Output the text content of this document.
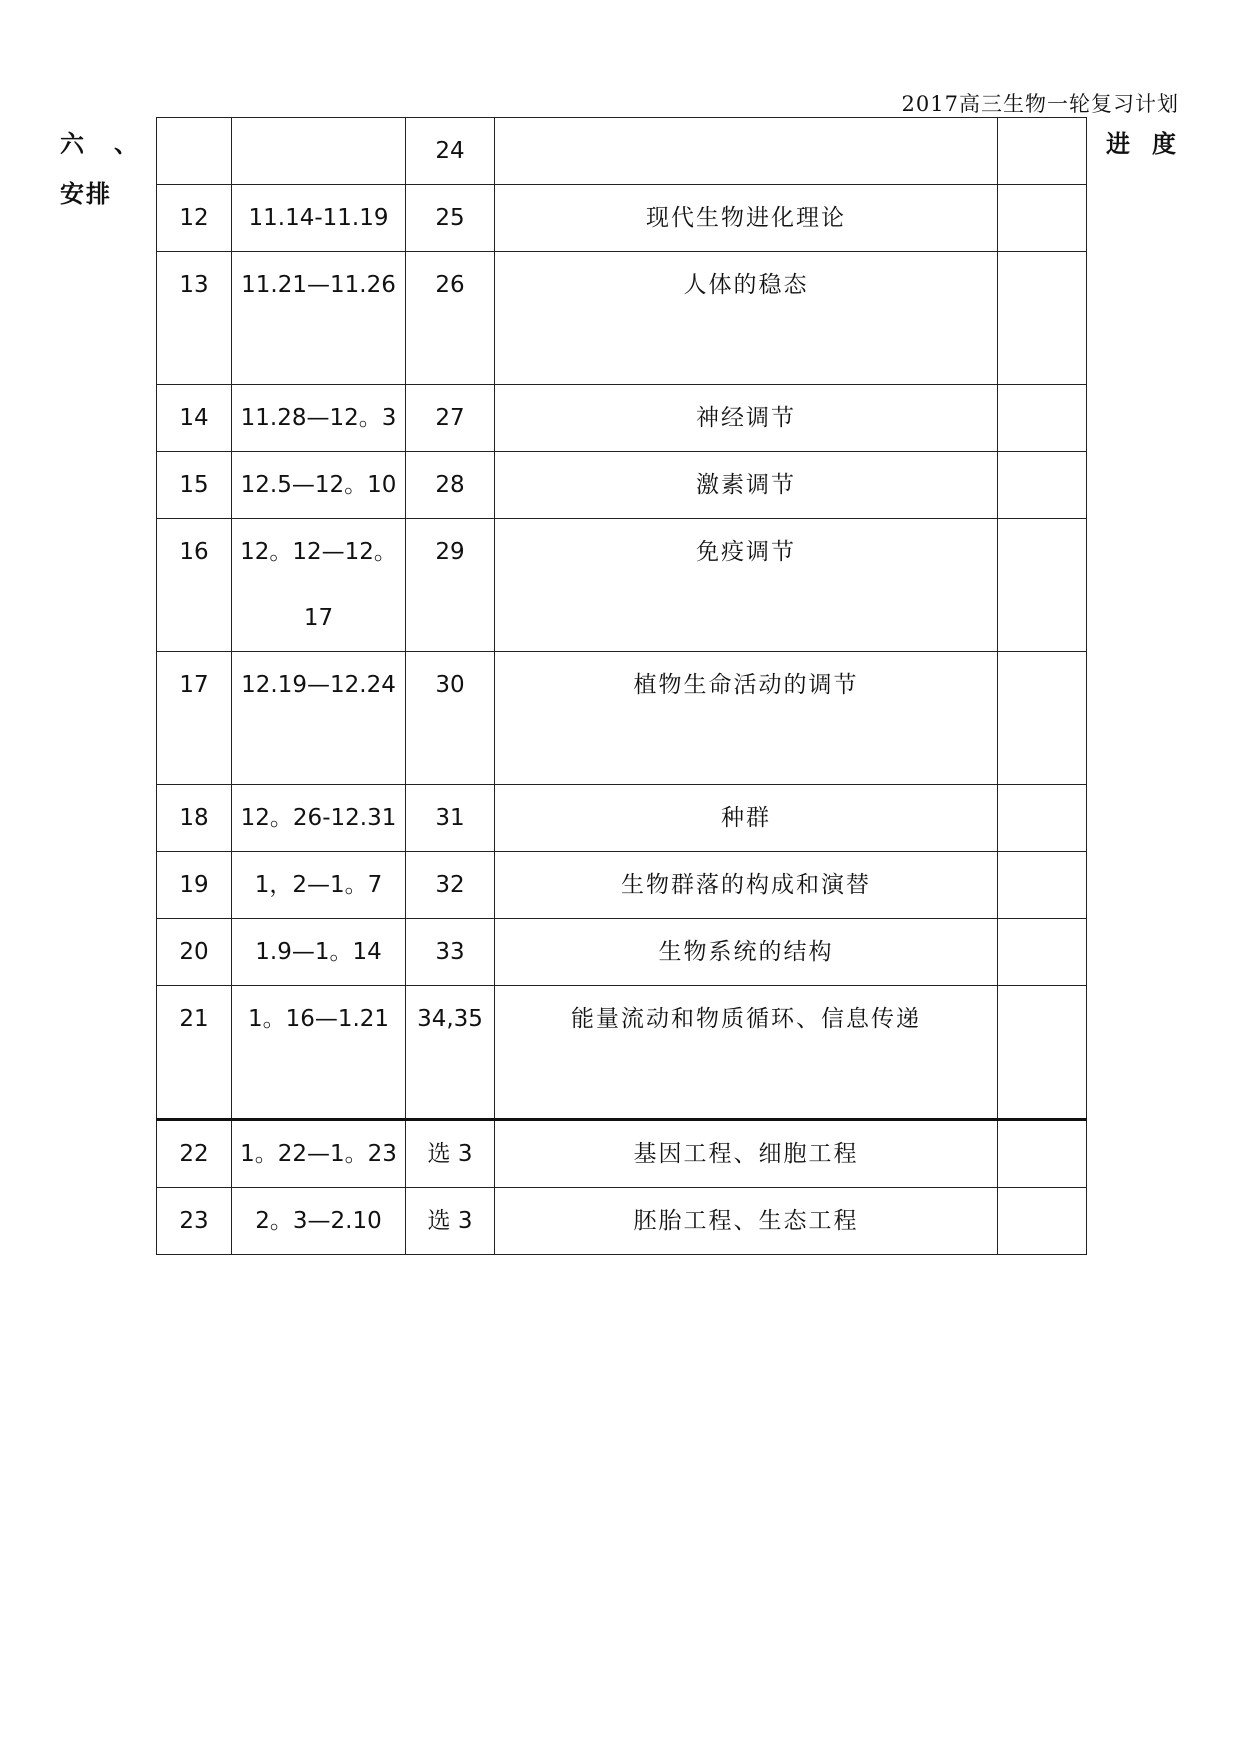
2017高三生物一轮复习计划
六、
安排
进度

		24		

12	11.14-11.19	25	现代生物进化理论	
13	11.21—11.26	26	人体的稳态	
14	11.28—12。3	27	神经调节	
15	12.5—12。10	28	激素调节	
16	12。12—12。17	29	免疫调节	
17	12.19—12.24	30	植物生命活动的调节	
18	12。26-12.31	31	种群	
19	1，2—1。7	32	生物群落的构成和演替	
20	1.9—1。14	33	生物系统的结构	
21	1。16—1.21	34,35	能量流动和物质循环、信息传递	
22	1。22—1。23	选 3	基因工程、细胞工程	
23	2。3—2.10	选 3	胚胎工程、生态工程	
